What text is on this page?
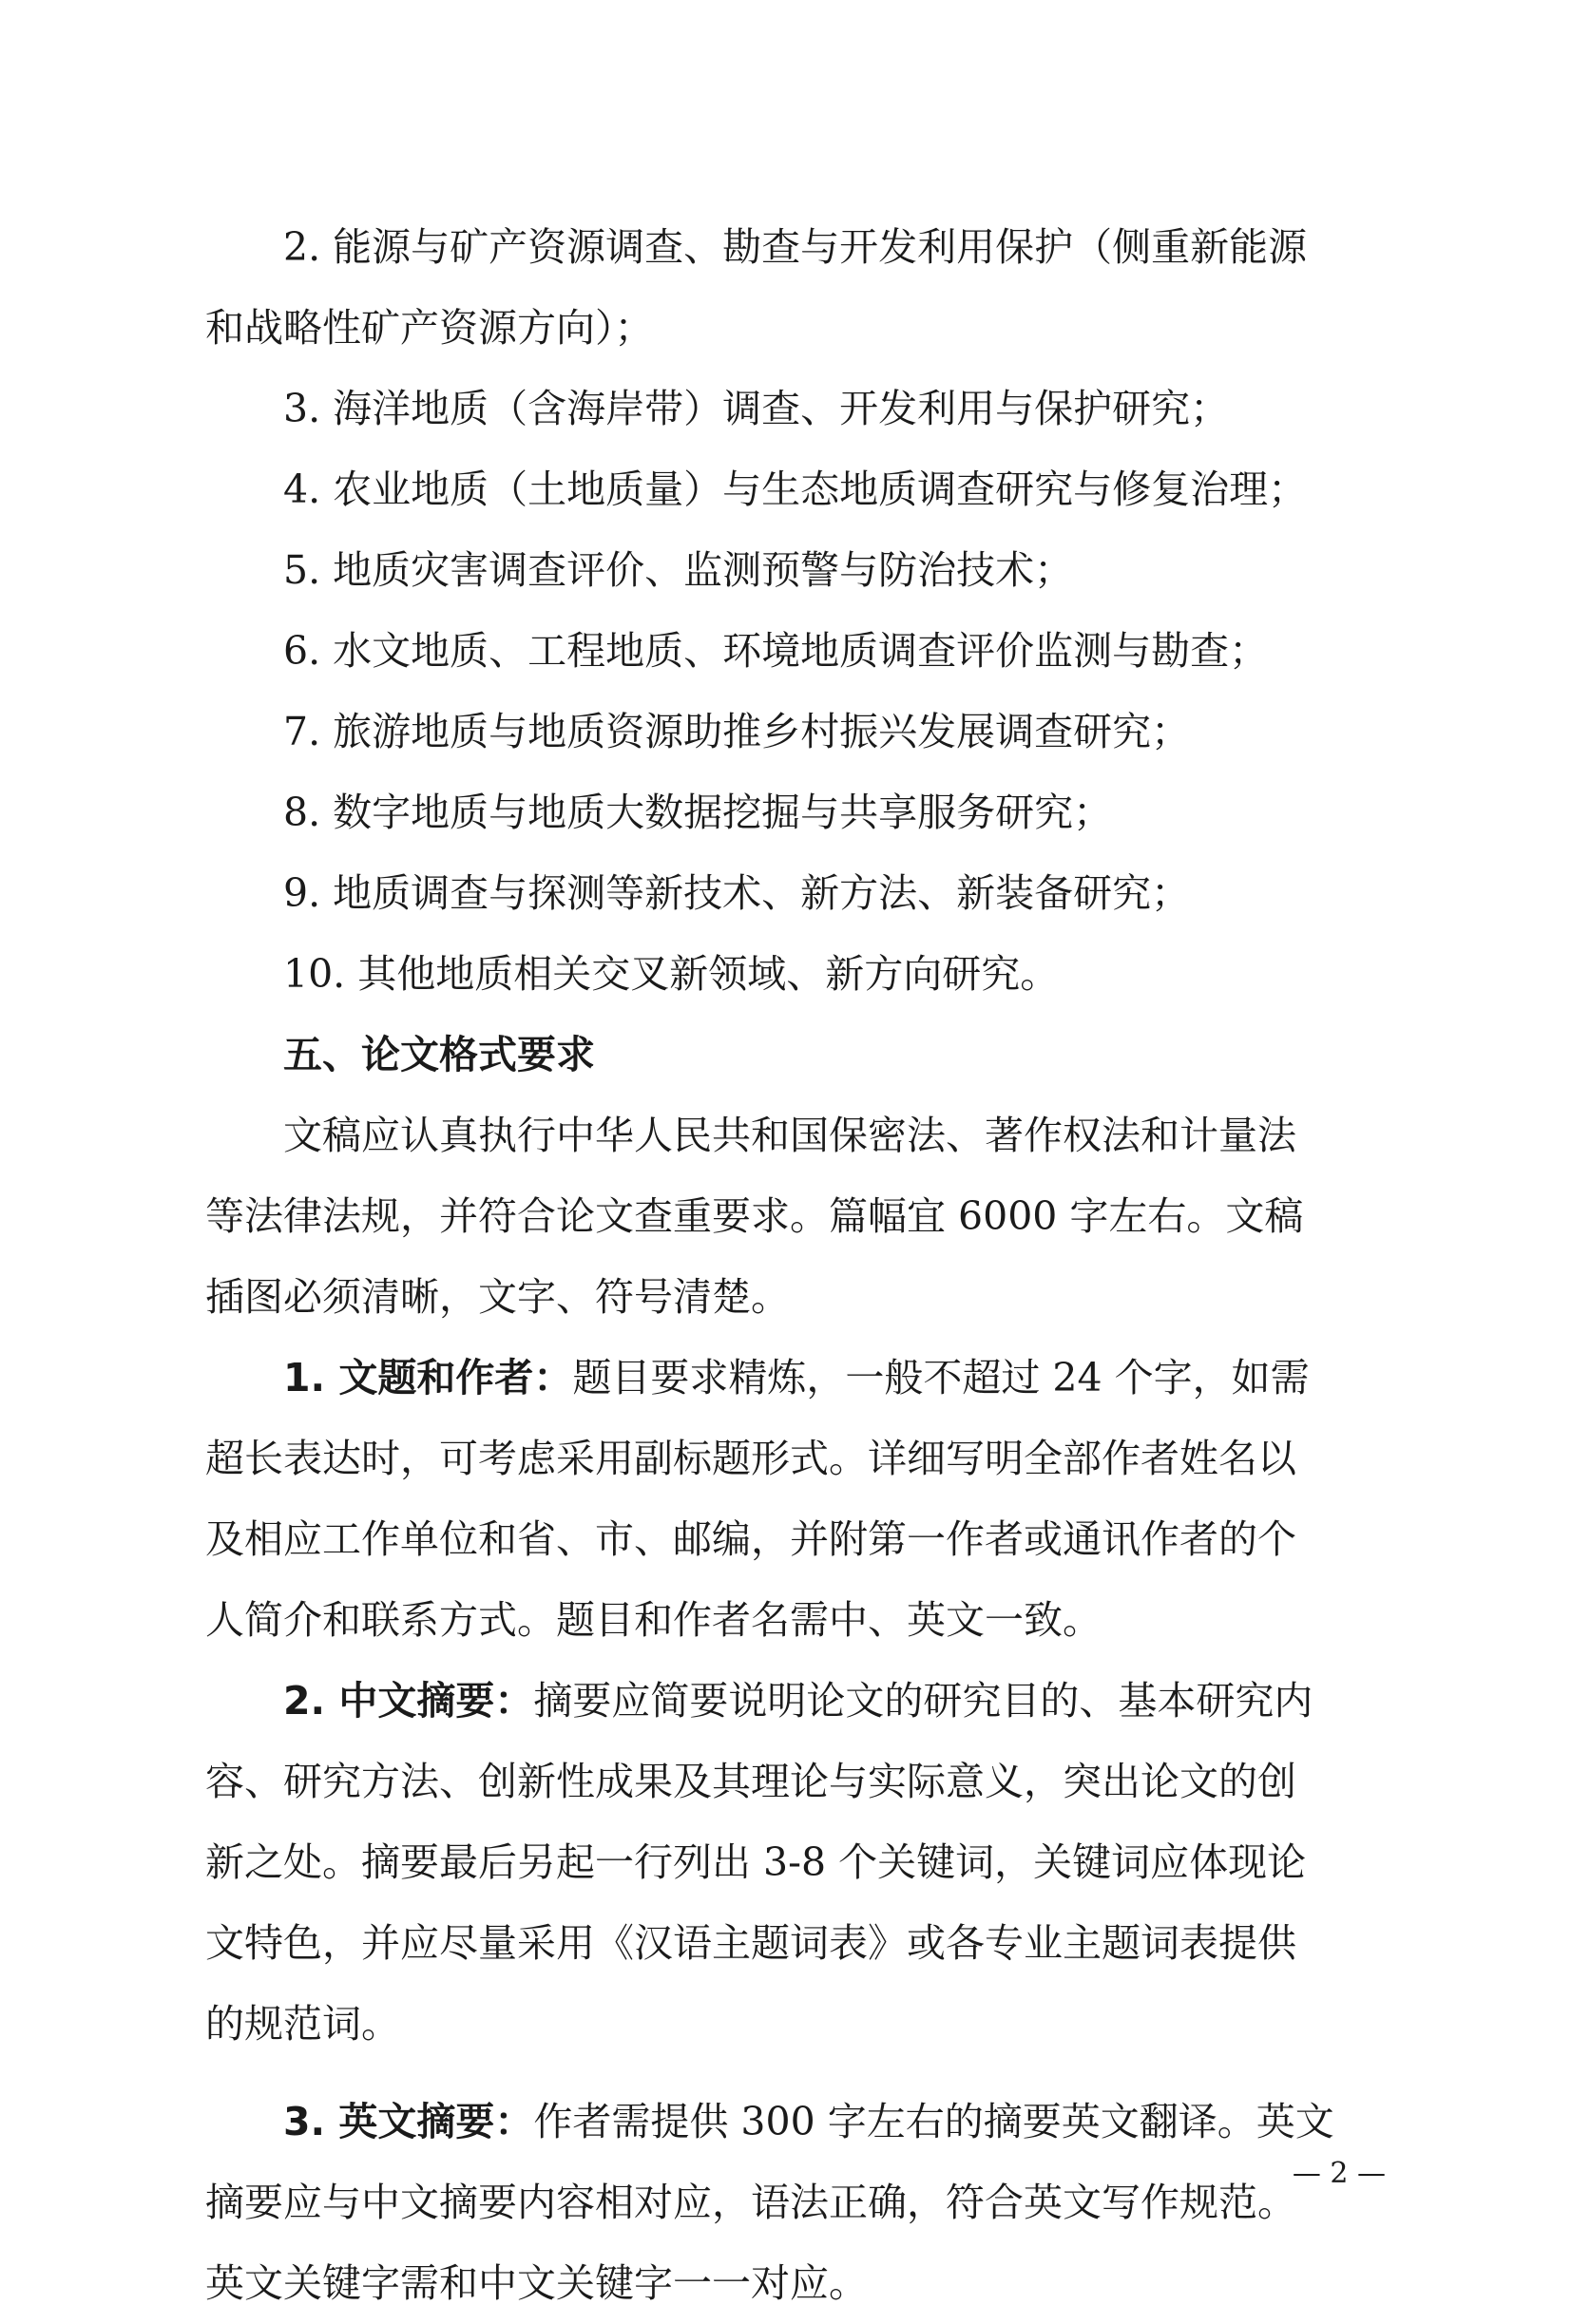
2. 能源与矿产资源调查、勘查与开发利用保护（侧重新能源
和战略性矿产资源方向）；
3. 海洋地质（含海岸带）调查、开发利用与保护研究；
4. 农业地质（土地质量）与生态地质调查研究与修复治理；
5. 地质灾害调查评价、监测预警与防治技术；
6. 水文地质、工程地质、环境地质调查评价监测与勘查；
7. 旅游地质与地质资源助推乡村振兴发展调查研究；
8. 数字地质与地质大数据挖掘与共享服务研究；
9. 地质调查与探测等新技术、新方法、新装备研究；
10. 其他地质相关交叉新领域、新方向研究。
五、论文格式要求
文稿应认真执行中华人民共和国保密法、著作权法和计量法
等法律法规，并符合论文查重要求。篇幅宜 6000 字左右。文稿
插图必须清晰，文字、符号清楚。
1. 文题和作者：题目要求精炼，一般不超过 24 个字，如需
超长表达时，可考虑采用副标题形式。详细写明全部作者姓名以
及相应工作单位和省、市、邮编，并附第一作者或通讯作者的个
人简介和联系方式。题目和作者名需中、英文一致。
2. 中文摘要：摘要应简要说明论文的研究目的、基本研究内
容、研究方法、创新性成果及其理论与实际意义，突出论文的创
新之处。摘要最后另起一行列出 3-8 个关键词，关键词应体现论
文特色，并应尽量采用《汉语主题词表》或各专业主题词表提供
的规范词。
3. 英文摘要：作者需提供 300 字左右的摘要英文翻译。英文
摘要应与中文摘要内容相对应，语法正确，符合英文写作规范。
英文关键字需和中文关键字一一对应。
— 2 —
